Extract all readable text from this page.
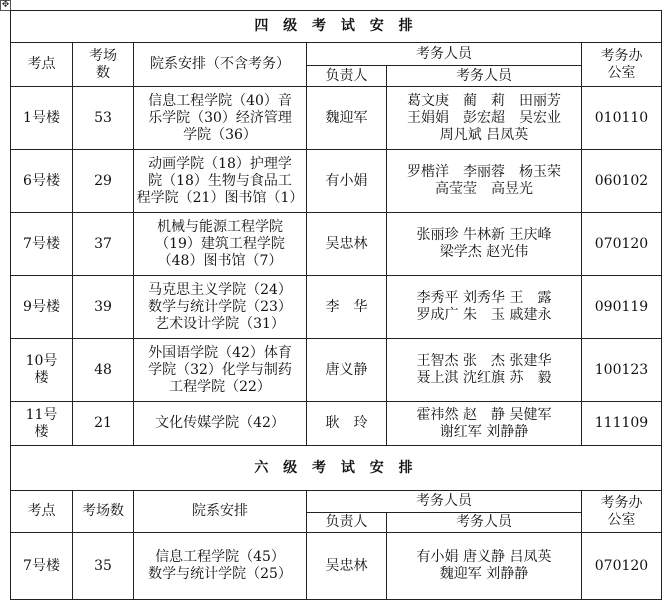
✥
四 级 考 试 安 排					
考点	考场
数	院系安排（不含考务）	考务人员		考务办
公室

			负责人	考务人员	
1号楼	53	信息工程学院（40）音
乐学院（30）经济管理
学院（36）	魏迎军	葛文庚　蔺　莉　田丽芳
王娟娟　彭宏超　吴宏业
周凡斌 吕凤英	010110
6号楼	29	动画学院（18）护理学
院（18）生物与食品工
程学院（21）图书馆（1）	有小娟	罗楷洋　李丽蓉　杨玉荣
高莹莹　高昱光	060102
7号楼	37	机械与能源工程学院
（19）建筑工程学院
（48）图书馆（7）	吴忠林	张丽珍 牛林新 王庆峰
梁学杰 赵光伟	070120
9号楼	39	马克思主义学院（24）
数学与统计学院（23）
艺术设计学院（31）	李　华	李秀平 刘秀华 王　露
罗成广 朱　玉 戚建永	090119

10号
楼	48	外国语学院（42）体育
学院（32）化学与制药
工程学院（22）	唐义静	王智杰 张　杰 张建华
聂上淇 沈红旗 苏　毅	100123

11号
楼	21	文化传媒学院（42）	耿　玲	霍祎然 赵　静 吴健军
谢红军 刘静静	111109
六 级 考 试 安 排					
考点	考场数	院系安排	考务人员		考务办
公室

			负责人	考务人员	
7号楼	35	信息工程学院（45）
数学与统计学院（25）	吴忠林	有小娟 唐义静 吕凤英
魏迎军 刘静静	070120
